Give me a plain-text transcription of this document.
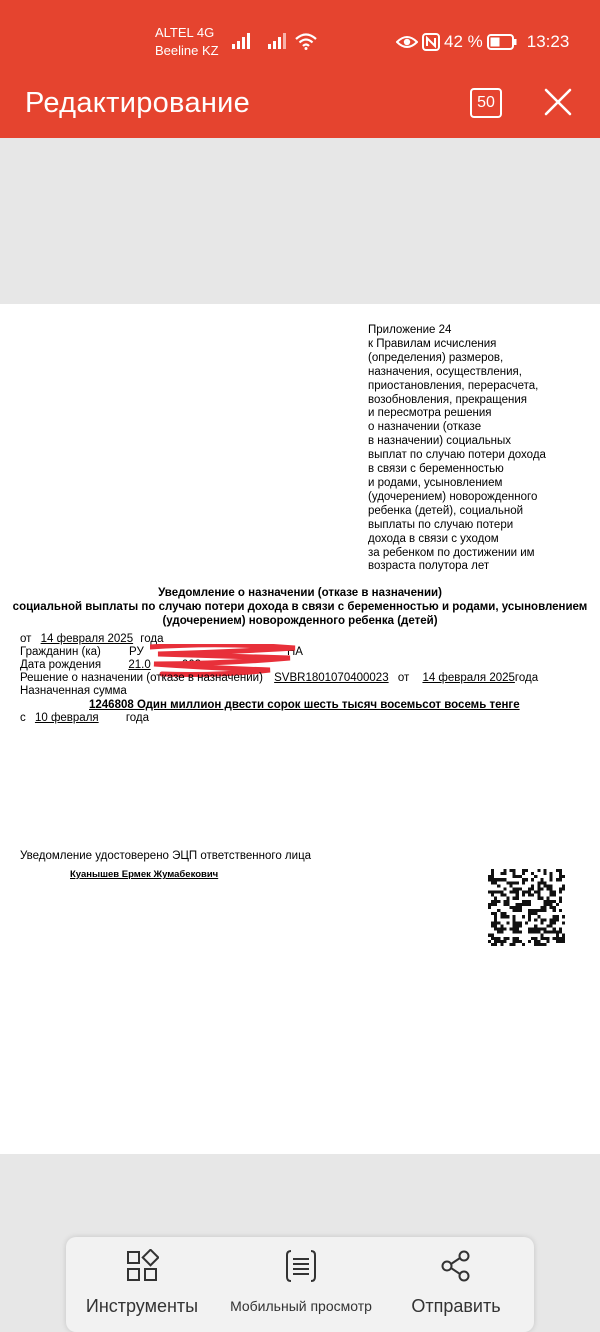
ALTEL 4G
Beeline KZ	42 %	13:23
Редактирование	50
Приложение 24
к Правилам исчисления
(определения) размеров,
назначения, осуществления,
приостановления, перерасчета,
возобновления, прекращения
и пересмотра решения
о назначении (отказе
в назначении) социальных
выплат по случаю потери дохода
в связи с беременностью
и родами, усыновлением
(удочерением) новорожденного
ребенка (детей), социальной
выплаты по случаю потери
дохода в связи с уходом
за ребенком по достижении им
возраста полутора лет
Уведомление о назначении (отказе в назначении)
социальной выплаты по случаю потери дохода в связи с беременностью и родами, усыновлением
(удочерением) новорожденного ребенка (детей)
от 14 февраля 2025 года
Гражданин (ка) РУ	НА
Дата рождения 21.0	003
Решение о назначении (отказе в назначении) SVBR1801070400023 от 14 февраля 2025года
Назначенная сумма
1246808 Один миллион двести сорок шесть тысяч восемьсот восемь тенге
с 10 февраля года
Уведомление удостоверено ЭЦП ответственного лица
Куанышев Ермек Жумабекович
Инструменты Мобильный просмотр	Отправить
